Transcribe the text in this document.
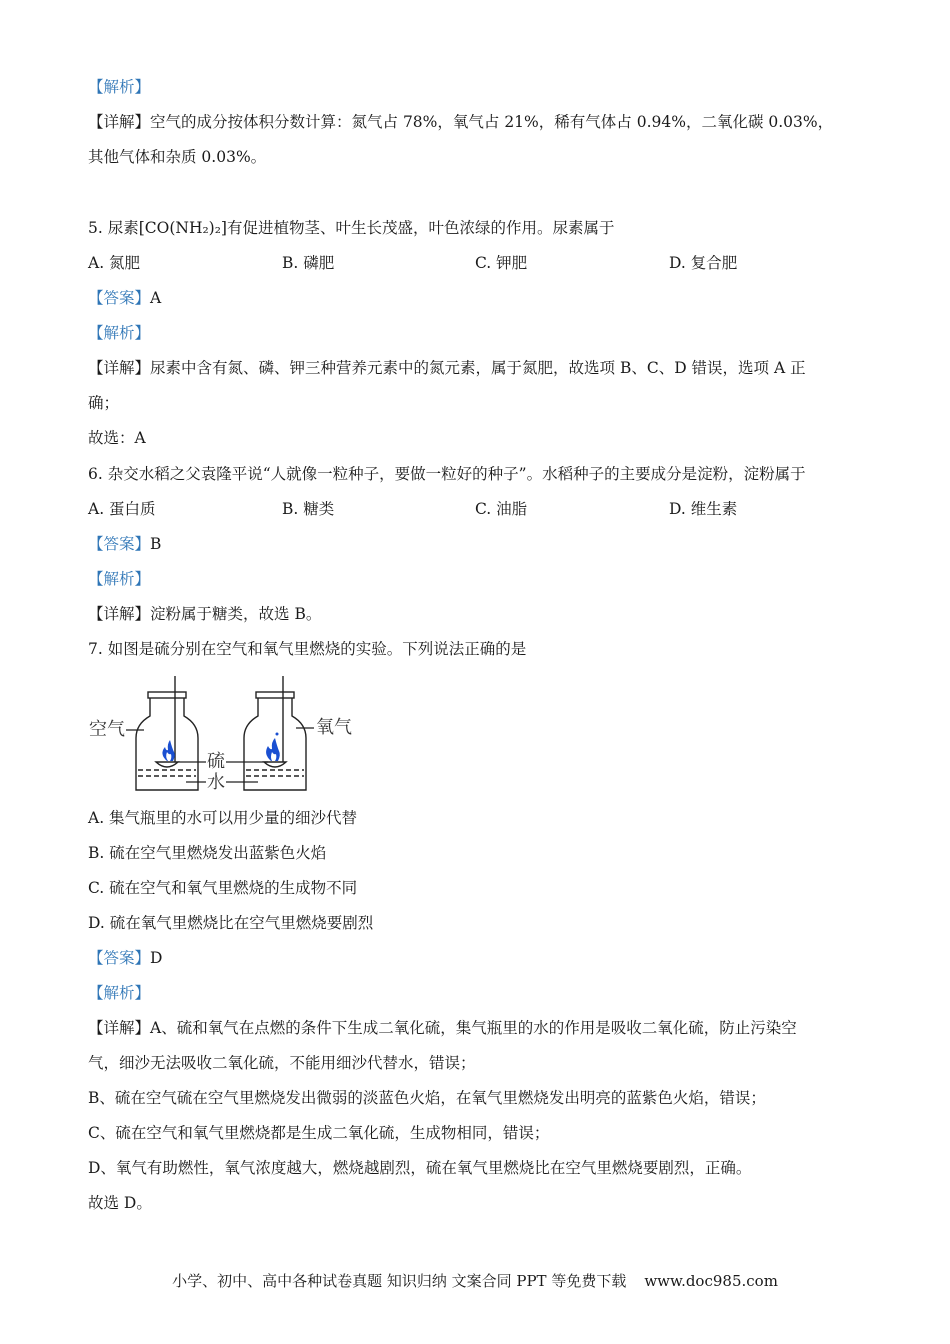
【解析】
【详解】空气的成分按体积分数计算：氮气占 78%，氧气占 21%，稀有气体占 0.94%，二氧化碳 0.03%，
其他气体和杂质 0.03%。
5. 尿素[CO(NH₂)₂]有促进植物茎、叶生长茂盛，叶色浓绿的作用。尿素属于
A. 氮肥	B. 磷肥	C. 钾肥	D. 复合肥
【答案】A
【解析】
【详解】尿素中含有氮、磷、钾三种营养元素中的氮元素，属于氮肥，故选项 B、C、D 错误，选项 A 正
确；
故选：A
6. 杂交水稻之父袁隆平说“人就像一粒种子，要做一粒好的种子”。水稻种子的主要成分是淀粉，淀粉属于
A. 蛋白质	B. 糖类	C. 油脂	D. 维生素
【答案】B
【解析】
【详解】淀粉属于糖类，故选 B。
7. 如图是硫分别在空气和氧气里燃烧的实验。下列说法正确的是
空气	氧气
硫
水
A. 集气瓶里的水可以用少量的细沙代替
B. 硫在空气里燃烧发出蓝紫色火焰
C. 硫在空气和氧气里燃烧的生成物不同
D. 硫在氧气里燃烧比在空气里燃烧要剧烈
【答案】D
【解析】
【详解】A、硫和氧气在点燃的条件下生成二氧化硫，集气瓶里的水的作用是吸收二氧化硫，防止污染空
气，细沙无法吸收二氧化硫，不能用细沙代替水，错误；
B、硫在空气硫在空气里燃烧发出微弱的淡蓝色火焰，在氧气里燃烧发出明亮的蓝紫色火焰，错误；
C、硫在空气和氧气里燃烧都是生成二氧化硫，生成物相同，错误；
D、氧气有助燃性，氧气浓度越大，燃烧越剧烈，硫在氧气里燃烧比在空气里燃烧要剧烈，正确。
故选 D。
小学、初中、高中各种试卷真题 知识归纳 文案合同 PPT 等免费下载 www.doc985.com
